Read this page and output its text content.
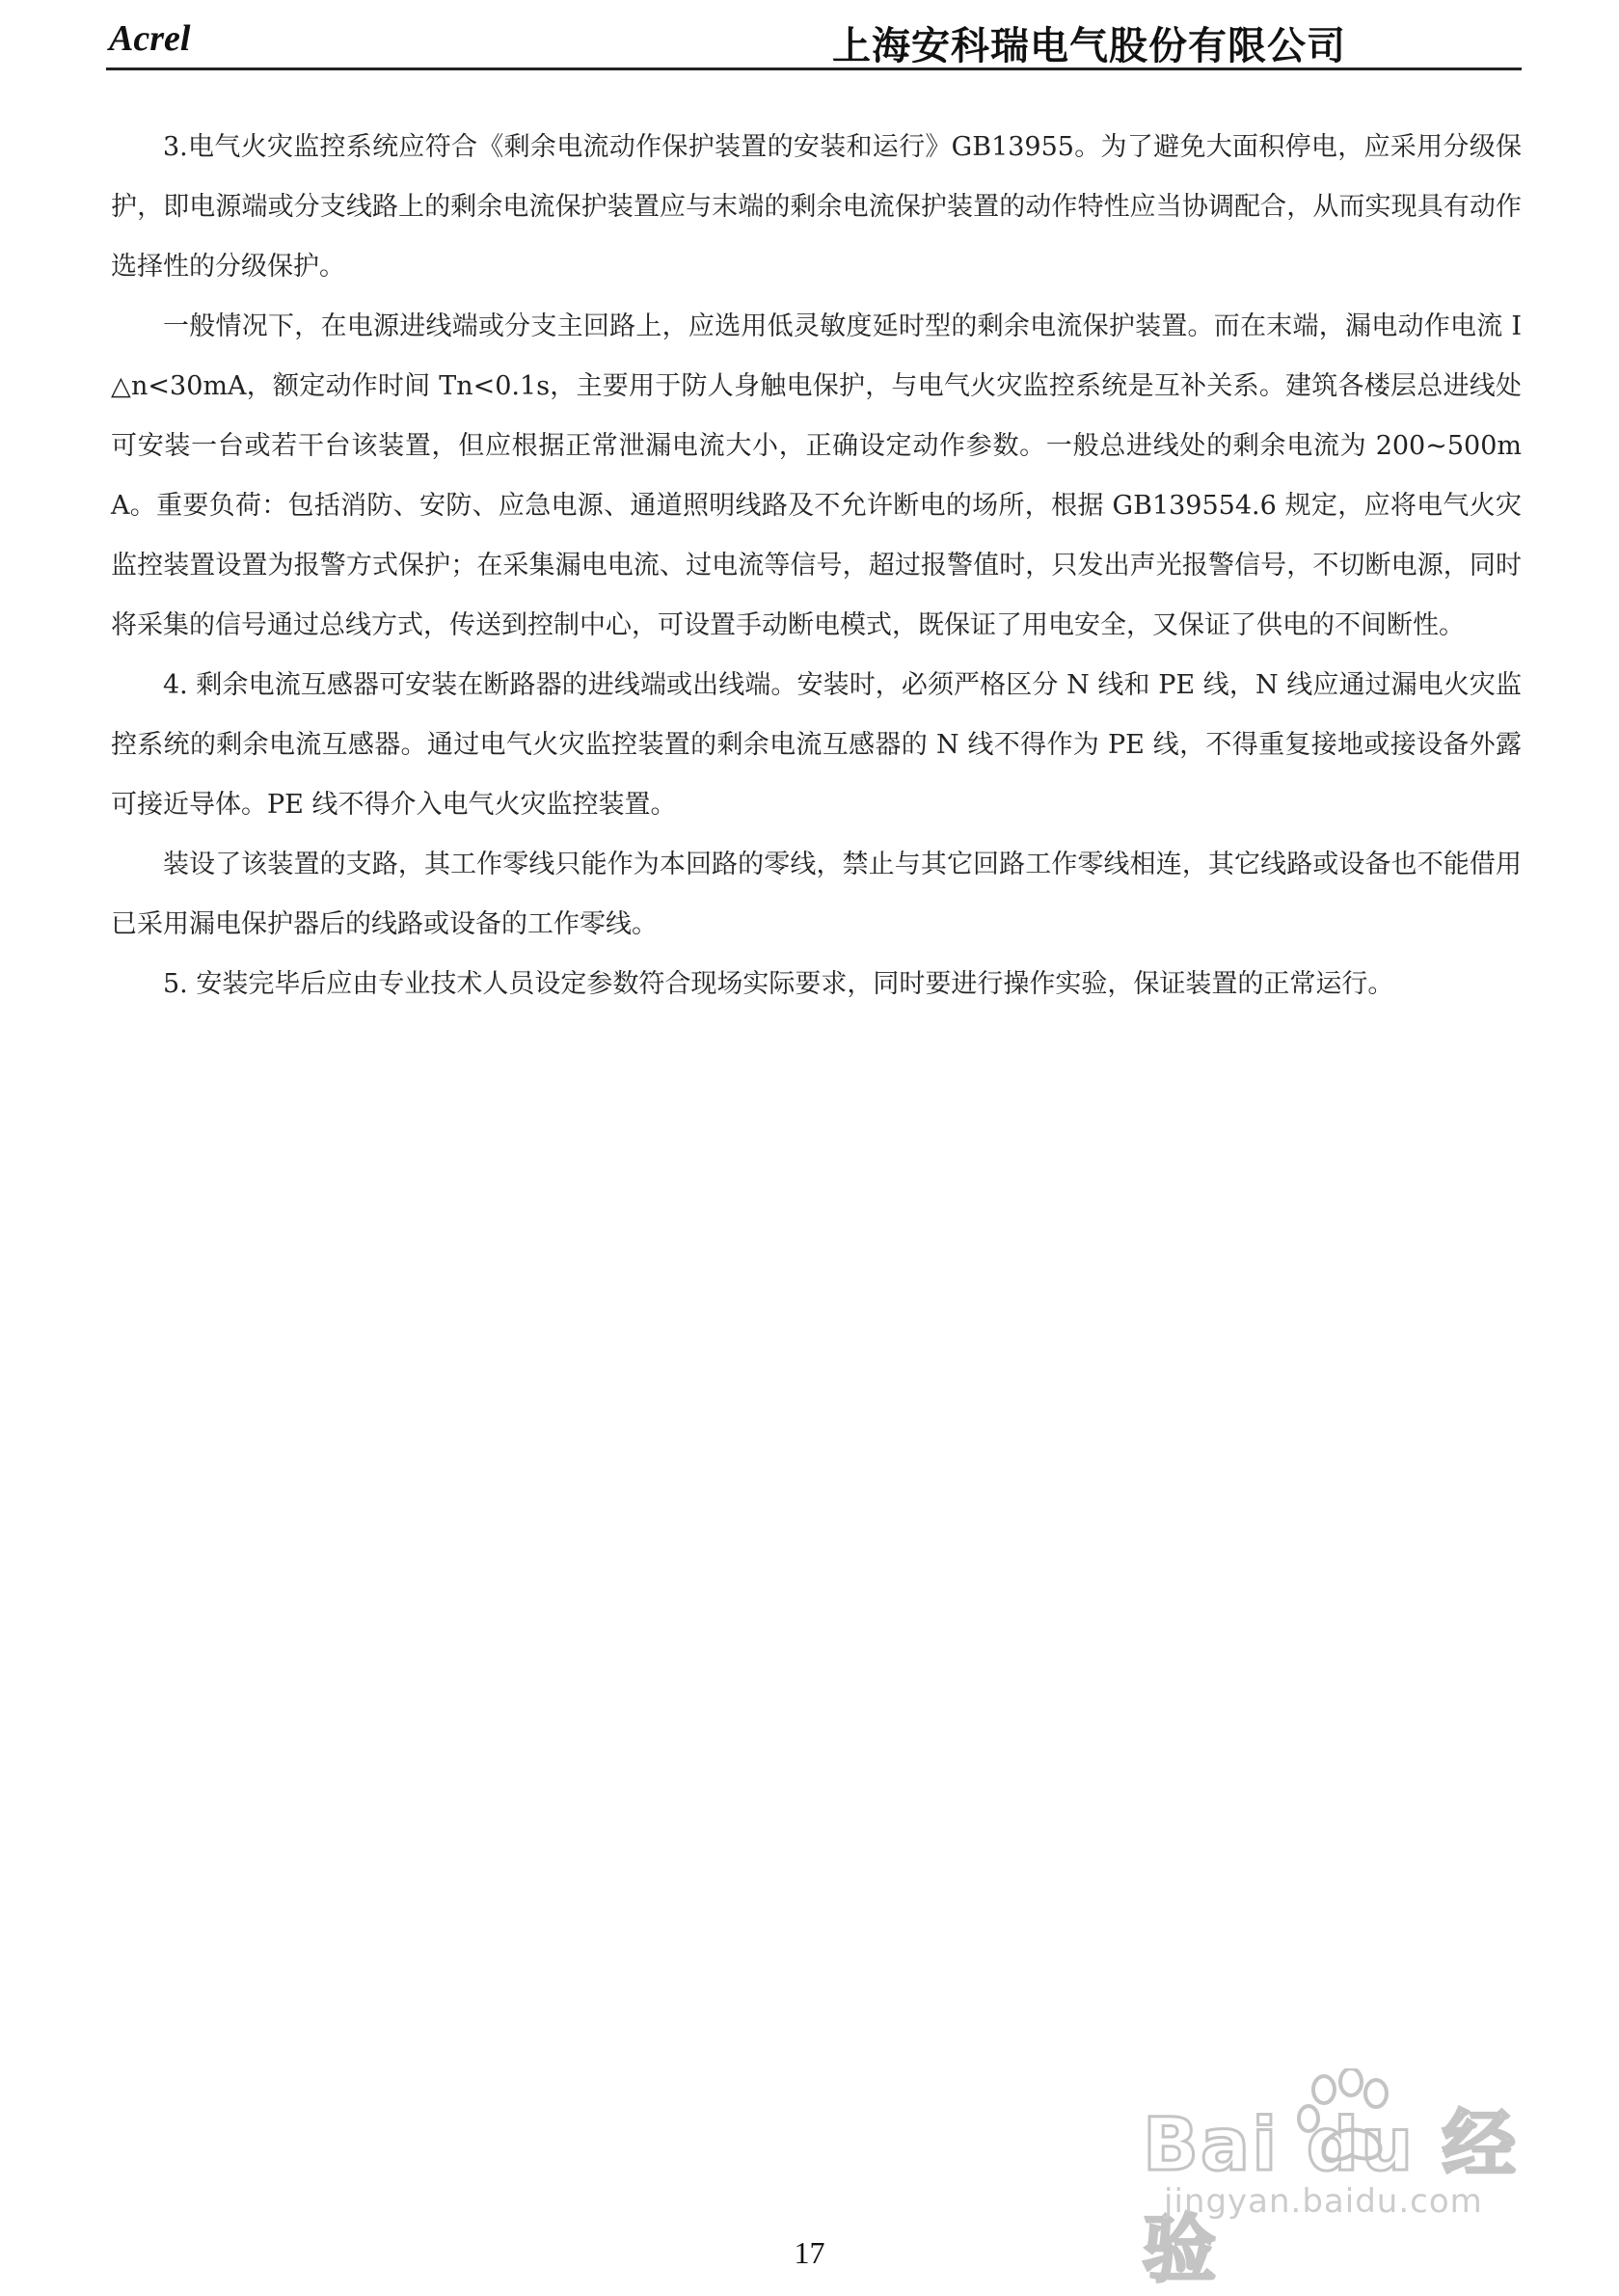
Acrel	上海安科瑞电气股份有限公司

3.电气火灾监控系统应符合《剩余电流动作保护装置的安装和运行》GB13955。为了避免大面积停电，应采用分级保护，即电源端或分支线路上的剩余电流保护装置应与末端的剩余电流保护装置的动作特性应当协调配合，从而实现具有动作选择性的分级保护。

一般情况下，在电源进线端或分支主回路上，应选用低灵敏度延时型的剩余电流保护装置。而在末端，漏电动作电流 I△n<30mA，额定动作时间 Tn<0.1s，主要用于防人身触电保护，与电气火灾监控系统是互补关系。建筑各楼层总进线处可安装一台或若干台该装置，但应根据正常泄漏电流大小，正确设定动作参数。一般总进线处的剩余电流为 200~500mA。重要负荷：包括消防、安防、应急电源、通道照明线路及不允许断电的场所，根据 GB139554.6 规定，应将电气火灾监控装置设置为报警方式保护；在采集漏电电流、过电流等信号，超过报警值时，只发出声光报警信号，不切断电源，同时将采集的信号通过总线方式，传送到控制中心，可设置手动断电模式，既保证了用电安全，又保证了供电的不间断性。

4. 剩余电流互感器可安装在断路器的进线端或出线端。安装时，必须严格区分 N 线和 PE 线，N 线应通过漏电火灾监控系统的剩余电流互感器。通过电气火灾监控装置的剩余电流互感器的 N 线不得作为 PE 线，不得重复接地或接设备外露可接近导体。PE 线不得介入电气火灾监控装置。

装设了该装置的支路，其工作零线只能作为本回路的零线，禁止与其它回路工作零线相连，其它线路或设备也不能借用已采用漏电保护器后的线路或设备的工作零线。

5. 安装完毕后应由专业技术人员设定参数符合现场实际要求，同时要进行操作实验，保证装置的正常运行。

Bai du 经验
jingyan.baidu.com
17
